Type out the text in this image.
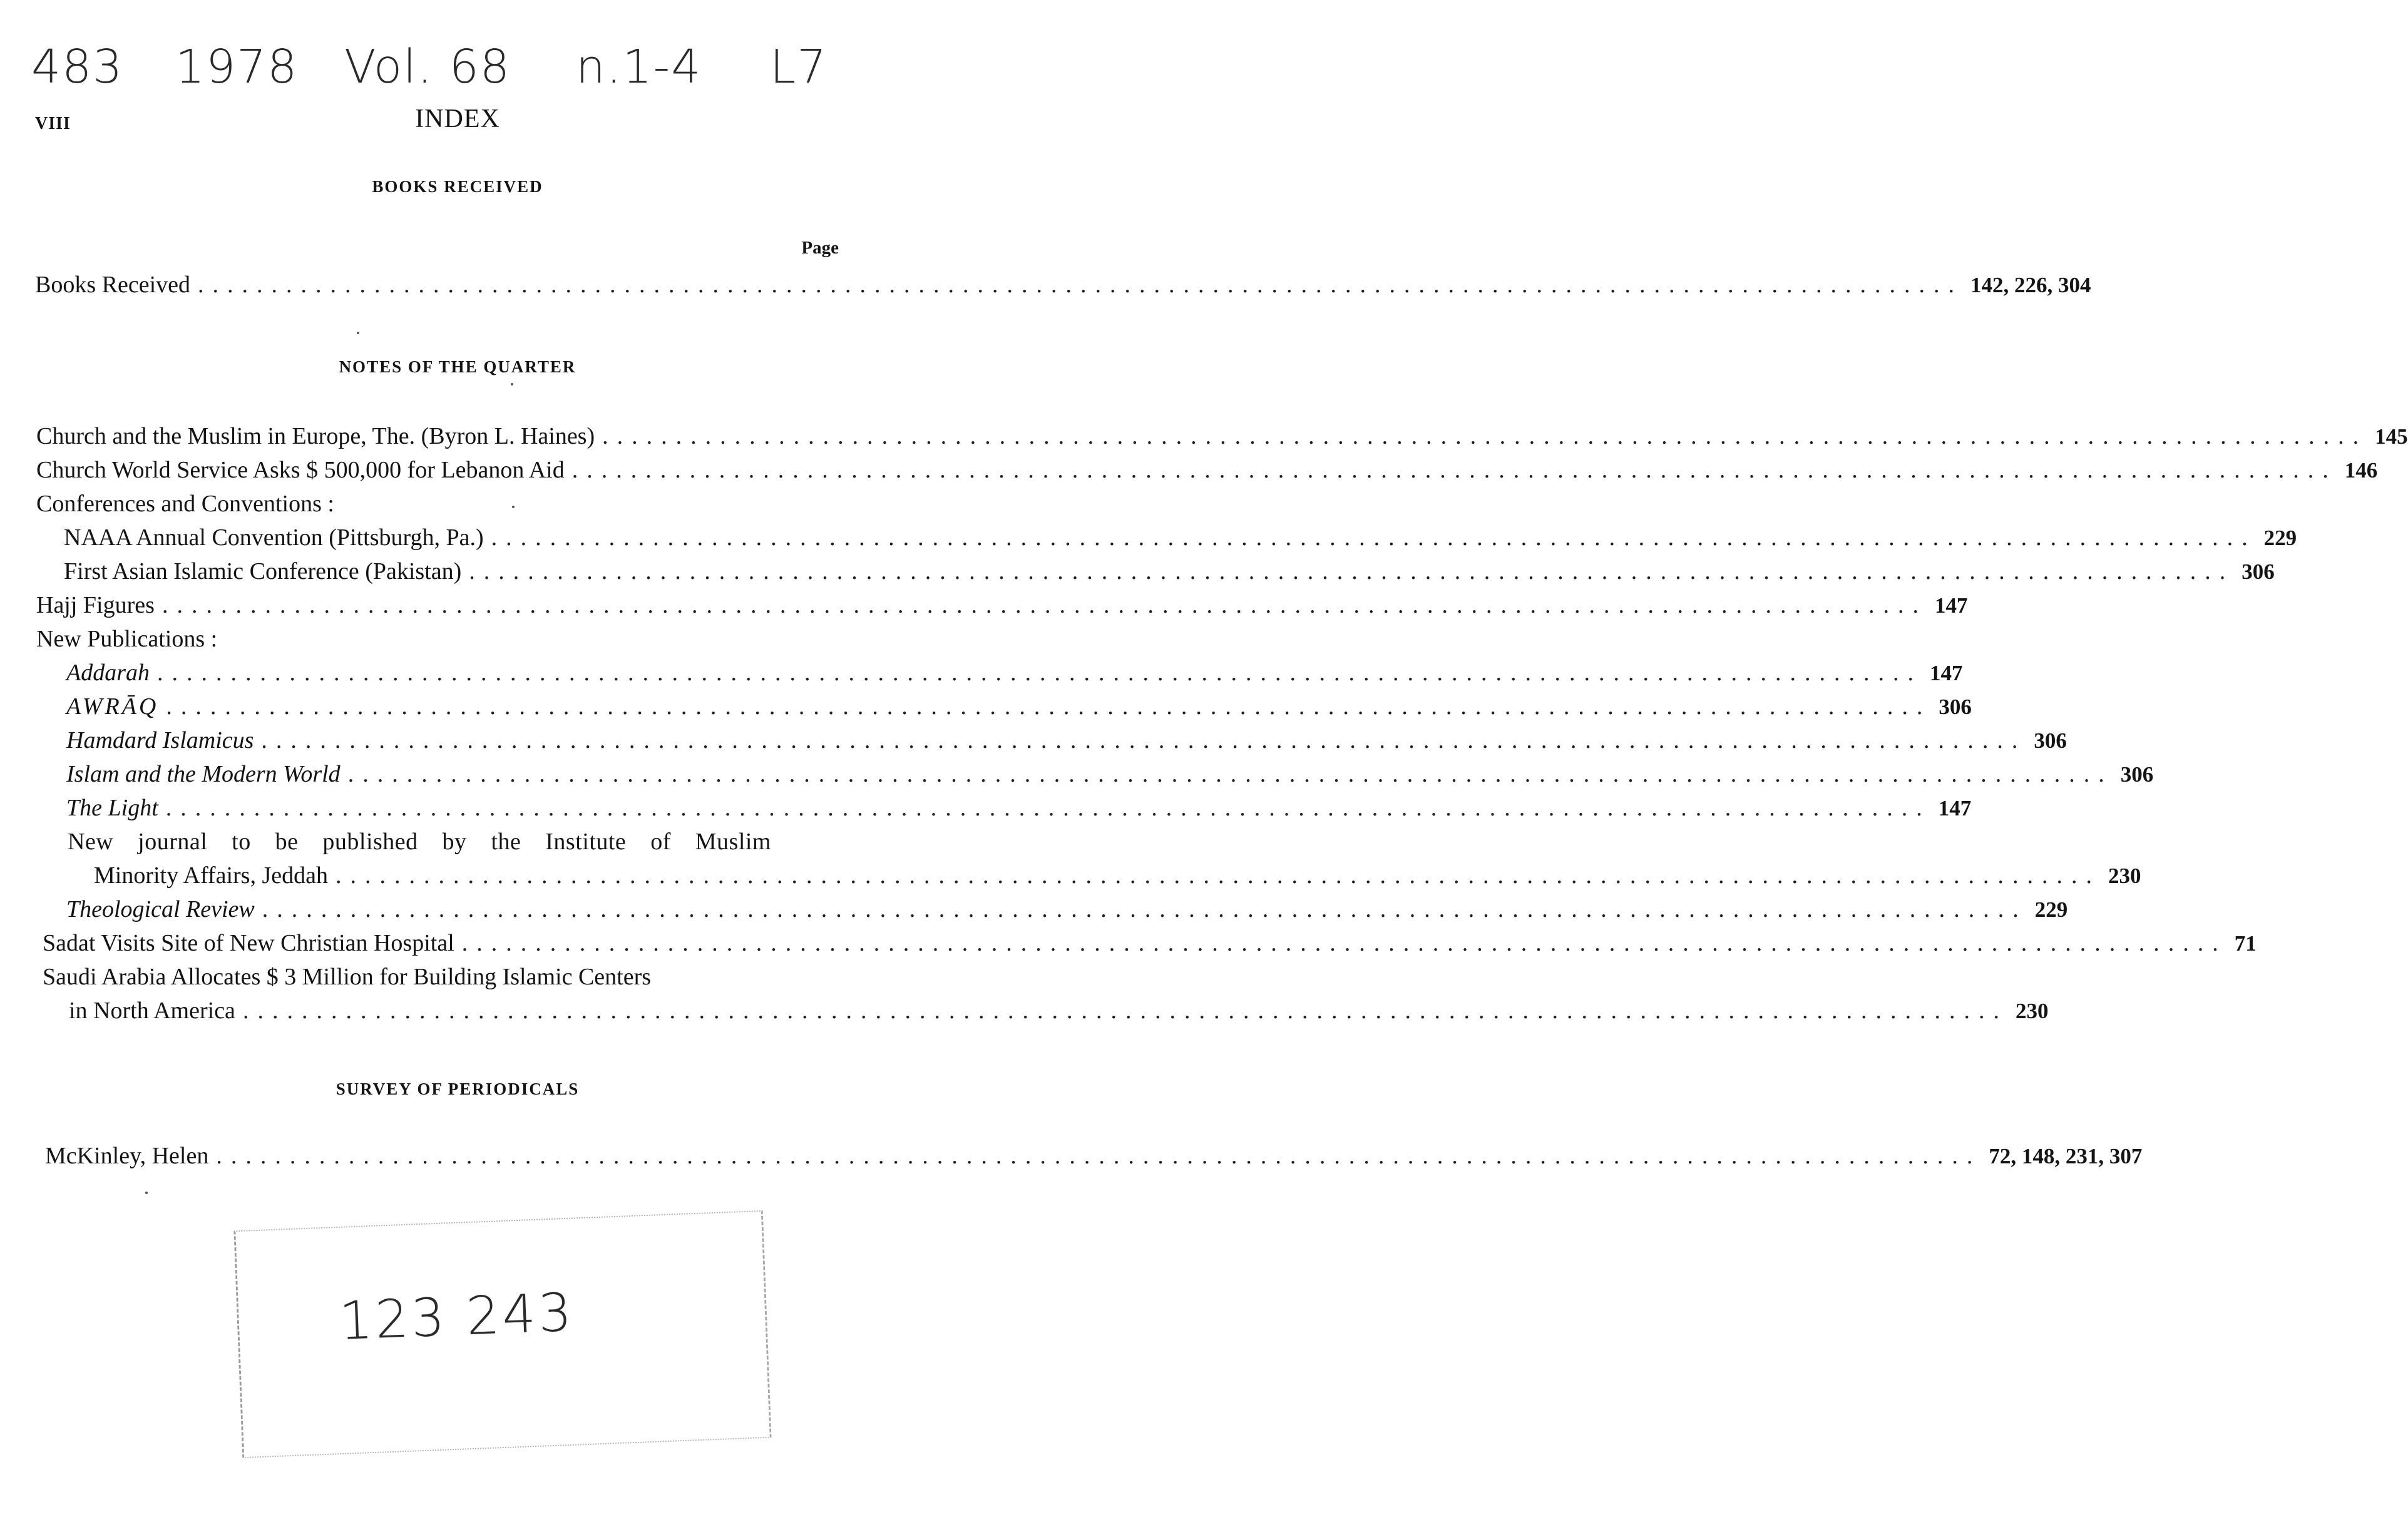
483 1978 Vol. 68 n.1-4 L7
VIII	INDEX
BOOKS RECEIVED
Page
Books Received ........................................................................................................................ 142, 226, 304
NOTES OF THE QUARTER
Church and the Muslim in Europe, The. (Byron L. Haines) ........................................................................................................................ 145
Church World Service Asks $ 500,000 for Lebanon Aid ........................................................................................................................ 146
Conferences and Conventions :
NAAA Annual Convention (Pittsburgh, Pa.) ........................................................................................................................ 229
First Asian Islamic Conference (Pakistan) ........................................................................................................................ 306
Hajj Figures ........................................................................................................................ 147
New Publications :
Addarah ........................................................................................................................ 147
AWRĀQ ........................................................................................................................ 306
Hamdard Islamicus ........................................................................................................................ 306
Islam and the Modern World ........................................................................................................................ 306
The Light ........................................................................................................................ 147
New journal to be published by the Institute of Muslim
Minority Affairs, Jeddah ........................................................................................................................ 230
Theological Review ........................................................................................................................ 229
Sadat Visits Site of New Christian Hospital ........................................................................................................................ 71
Saudi Arabia Allocates $ 3 Million for Building Islamic Centers
in North America ........................................................................................................................ 230
SURVEY OF PERIODICALS
McKinley, Helen ........................................................................................................................ 72, 148, 231, 307
123 243
